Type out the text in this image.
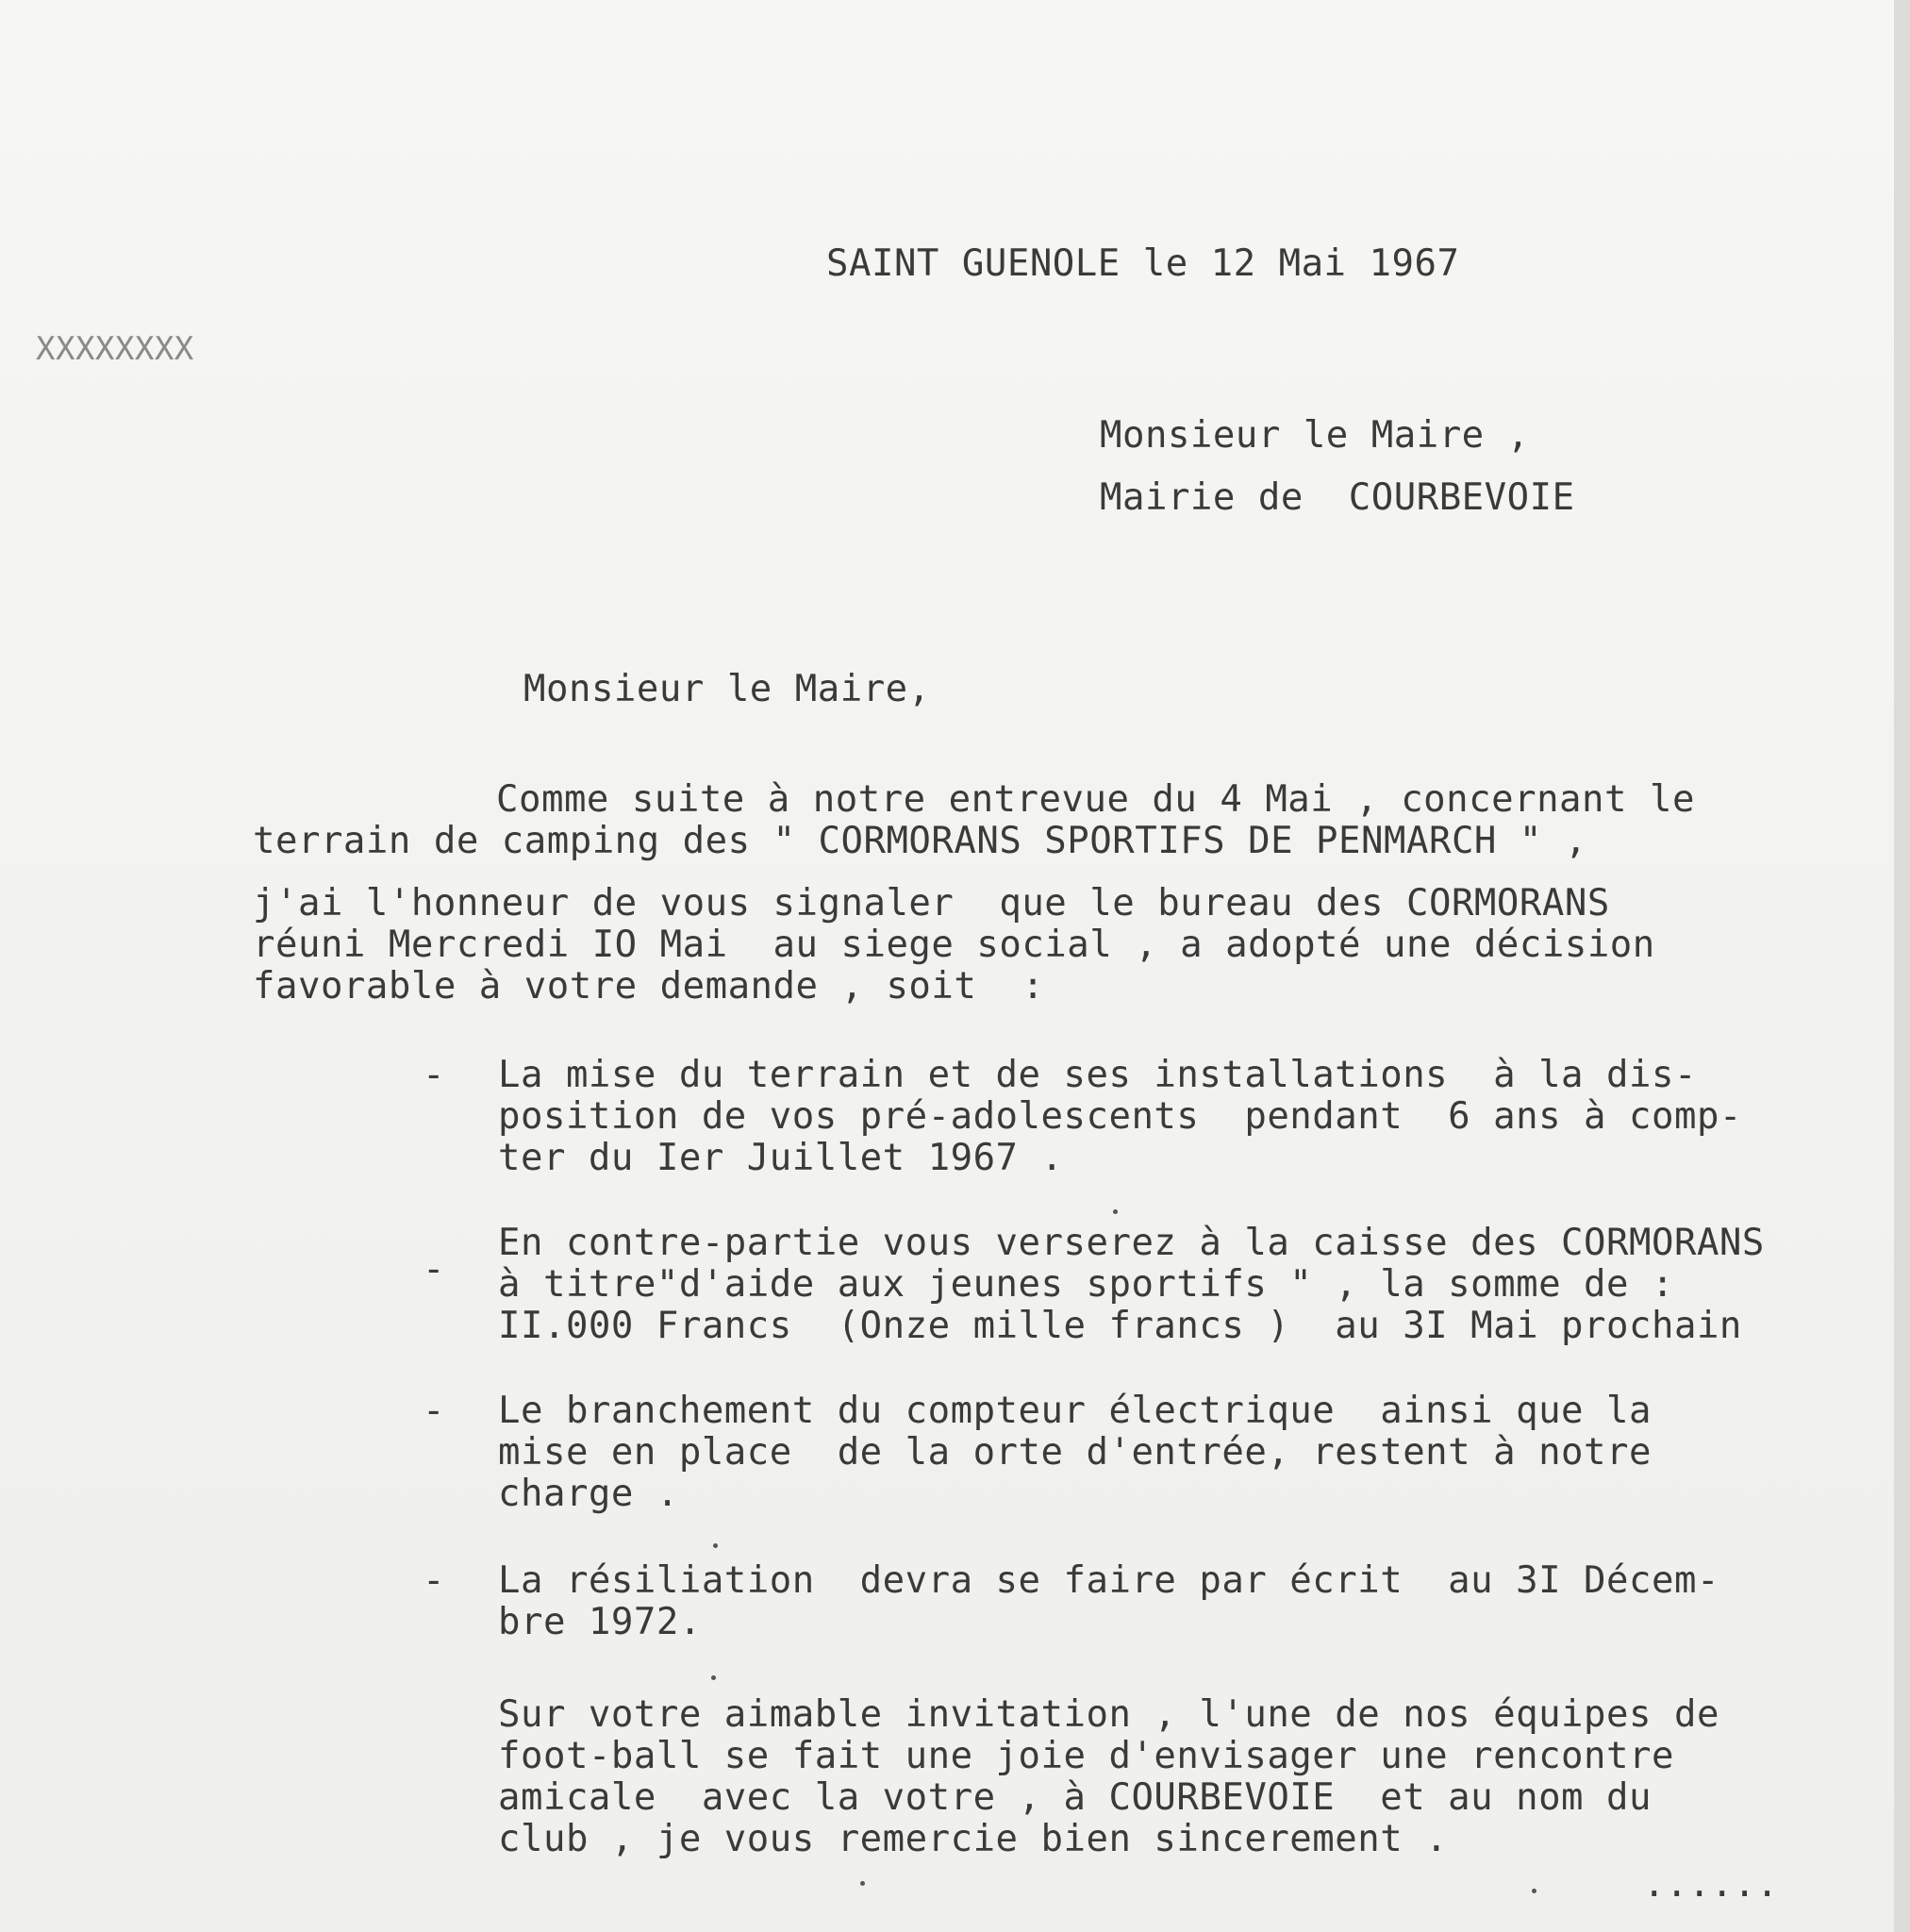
SAINT GUENOLE le 12 Mai 1967
XXXXXXXX
Monsieur le Maire ,
Mairie de  COURBEVOIE
Monsieur le Maire,
Comme suite à notre entrevue du 4 Mai , concernant le
terrain de camping des " CORMORANS SPORTIFS DE PENMARCH " ,
j'ai l'honneur de vous signaler  que le bureau des CORMORANS
réuni Mercredi IO Mai  au siege social , a adopté une décision
favorable à votre demande , soit  :
- La mise du terrain et de ses installations  à la dis-
position de vos pré-adolescents  pendant  6 ans à comp-
ter du Ier Juillet 1967 .
-
En contre-partie vous verserez à la caisse des CORMORANS
à titre"d'aide aux jeunes sportifs " , la somme de :
II.000 Francs  (Onze mille francs )  au 3I Mai prochain
- Le branchement du compteur électrique  ainsi que la
mise en place  de la orte d'entrée, restent à notre
charge .
- La résiliation  devra se faire par écrit  au 3I Décem-
bre 1972.
Sur votre aimable invitation , l'une de nos équipes de
foot-ball se fait une joie d'envisager une rencontre
amicale  avec la votre , à COURBEVOIE  et au nom du
club , je vous remercie bien sincerement .
......
